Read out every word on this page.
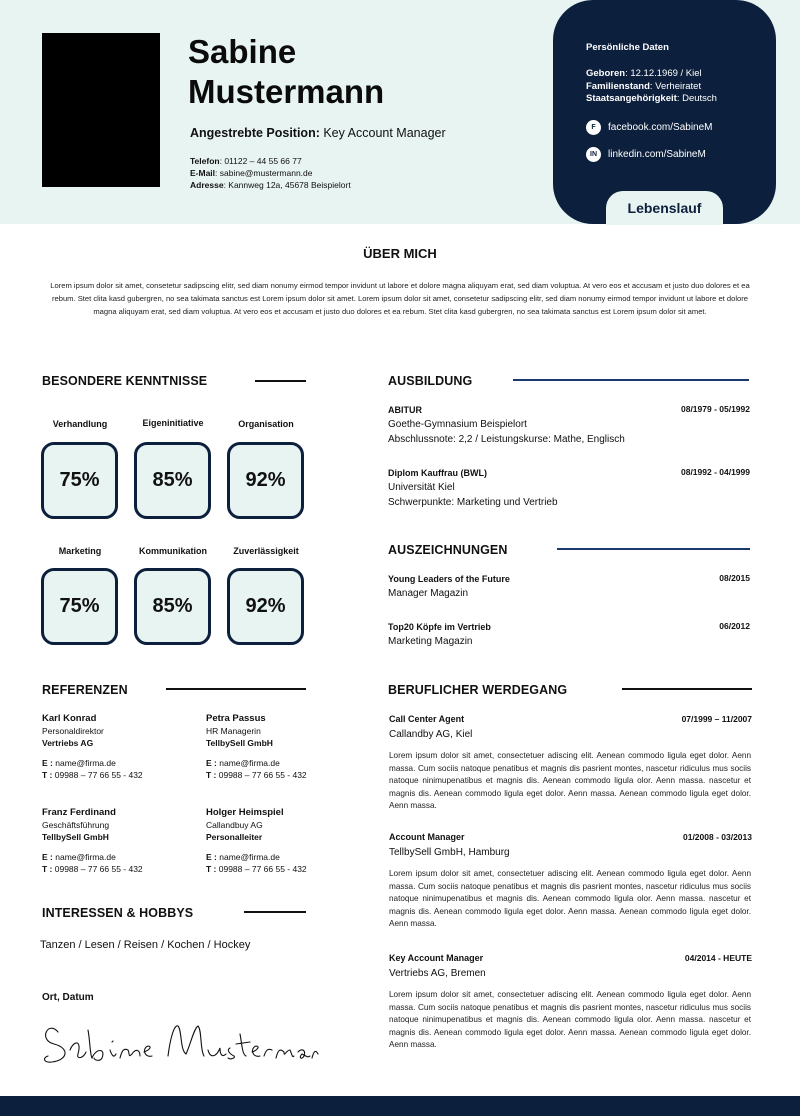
Sabine
Mustermann
Angestrebte Position: Key Account Manager
Telefon: 01122 – 44 55 66 77
E-Mail: sabine@mustermann.de
Adresse: Kannweg 12a, 45678 Beispielort
Persönliche Daten
Geboren: 12.12.1969 / Kiel
Familienstand: Verheiratet
Staatsangehörigkeit: Deutsch
F	facebook.com/SabineM
IN	linkedin.com/SabineM
Lebenslauf
ÜBER MICH
Lorem ipsum dolor sit amet, consetetur sadipscing elitr, sed diam nonumy eirmod tempor invidunt ut labore et dolore magna aliquyam erat, sed diam voluptua. At vero eos et accusam et justo duo dolores et ea rebum. Stet clita kasd gubergren, no sea takimata sanctus est Lorem ipsum dolor sit amet. Lorem ipsum dolor sit amet, consetetur sadipscing elitr, sed diam nonumy eirmod tempor invidunt ut labore et dolore magna aliquyam erat, sed diam voluptua. At vero eos et accusam et justo duo dolores et ea rebum. Stet clita kasd gubergren, no sea takimata sanctus est Lorem ipsum dolor sit amet.
BESONDERE KENNTNISSE
Verhandlung	Eigeninitiative	Organisation
75%	85%	92%
Marketing	Kommunikation	Zuverlässigkeit
75%	85%	92%
AUSBILDUNG
ABITUR	08/1979 - 05/1992
Goethe-Gymnasium Beispielort
Abschlussnote: 2,2 / Leistungskurse: Mathe, Englisch
Diplom Kauffrau (BWL)	08/1992 - 04/1999
Universität Kiel
Schwerpunkte: Marketing und Vertrieb
AUSZEICHNUNGEN
Young Leaders of the Future	08/2015
Manager Magazin
Top20 Köpfe im Vertrieb	06/2012
Marketing Magazin
REFERENZEN
Karl Konrad
Personaldirektor
Vertriebs AG
E : name@firma.de
T : 09988 – 77 66 55 - 432
Petra Passus
HR Managerin
TellbySell GmbH
E : name@firma.de
T : 09988 – 77 66 55 - 432
Franz Ferdinand
Geschäftsführung
TellbySell GmbH
E : name@firma.de
T : 09988 – 77 66 55 - 432
Holger Heimspiel
Callandbuy AG
Personalleiter
E : name@firma.de
T : 09988 – 77 66 55 - 432
INTERESSEN & HOBBYS
Tanzen / Lesen / Reisen / Kochen / Hockey
Ort, Datum
BERUFLICHER WERDEGANG
Call Center Agent	07/1999 – 11/2007
Callandby AG, Kiel
Lorem ipsum dolor sit amet, consectetuer adiscing elit. Aenean commodo ligula eget dolor. Aenn massa. Cum sociis natoque penatibus et magnis dis pasrient montes, nascetur ridiculus mus sociis natoque ninimupenatibus et magnis dis. Aenean commodo ligula olor. Aenn massa. nascetur et magnis dis. Aenean commodo ligula eget dolor. Aenn massa. Aenean commodo ligula eget dolor. Aenn massa.
Account Manager	01/2008 - 03/2013
TellbySell GmbH, Hamburg
Lorem ipsum dolor sit amet, consectetuer adiscing elit. Aenean commodo ligula eget dolor. Aenn massa. Cum sociis natoque penatibus et magnis dis pasrient montes, nascetur ridiculus mus sociis natoque ninimupenatibus et magnis dis. Aenean commodo ligula olor. Aenn massa. nascetur et magnis dis. Aenean commodo ligula eget dolor. Aenn massa. Aenean commodo ligula eget dolor. Aenn massa.
Key Account Manager	04/2014 - HEUTE
Vertriebs AG, Bremen
Lorem ipsum dolor sit amet, consectetuer adiscing elit. Aenean commodo ligula eget dolor. Aenn massa. Cum sociis natoque penatibus et magnis dis pasrient montes, nascetur ridiculus mus sociis natoque ninimupenatibus et magnis dis. Aenean commodo ligula olor. Aenn massa. nascetur et magnis dis. Aenean commodo ligula eget dolor. Aenn massa. Aenean commodo ligula eget dolor. Aenn massa.
